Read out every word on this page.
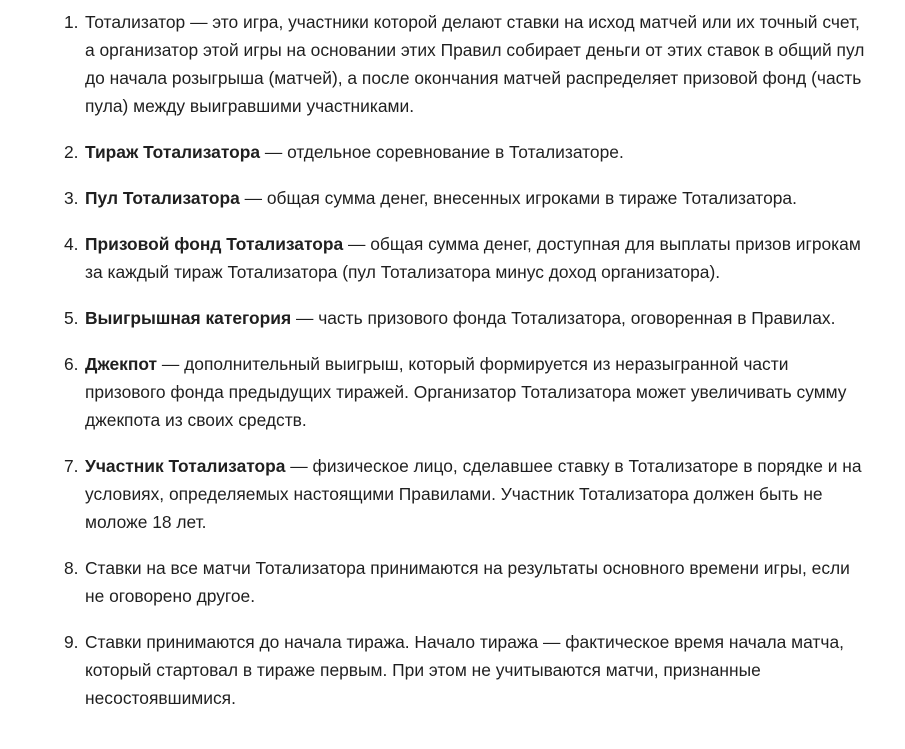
1. Тотализатор — это игра, участники которой делают ставки на исход матчей или их точный счет, а организатор этой игры на основании этих Правил собирает деньги от этих ставок в общий пул до начала розыгрыша (матчей), а после окончания матчей распределяет призовой фонд (часть пула) между выигравшими участниками.
2. Тираж Тотализатора — отдельное соревнование в Тотализаторе.
3. Пул Тотализатора — общая сумма денег, внесенных игроками в тираже Тотализатора.
4. Призовой фонд Тотализатора — общая сумма денег, доступная для выплаты призов игрокам за каждый тираж Тотализатора (пул Тотализатора минус доход организатора).
5. Выигрышная категория — часть призового фонда Тотализатора, оговоренная в Правилах.
6. Джекпот — дополнительный выигрыш, который формируется из неразыгранной части призового фонда предыдущих тиражей. Организатор Тотализатора может увеличивать сумму джекпота из своих средств.
7. Участник Тотализатора — физическое лицо, сделавшее ставку в Тотализаторе в порядке и на условиях, определяемых настоящими Правилами. Участник Тотализатора должен быть не моложе 18 лет.
8. Ставки на все матчи Тотализатора принимаются на результаты основного времени игры, если не оговорено другое.
9. Ставки принимаются до начала тиража. Начало тиража — фактическое время начала матча, который стартовал в тираже первым. При этом не учитываются матчи, признанные несостоявшимися.
